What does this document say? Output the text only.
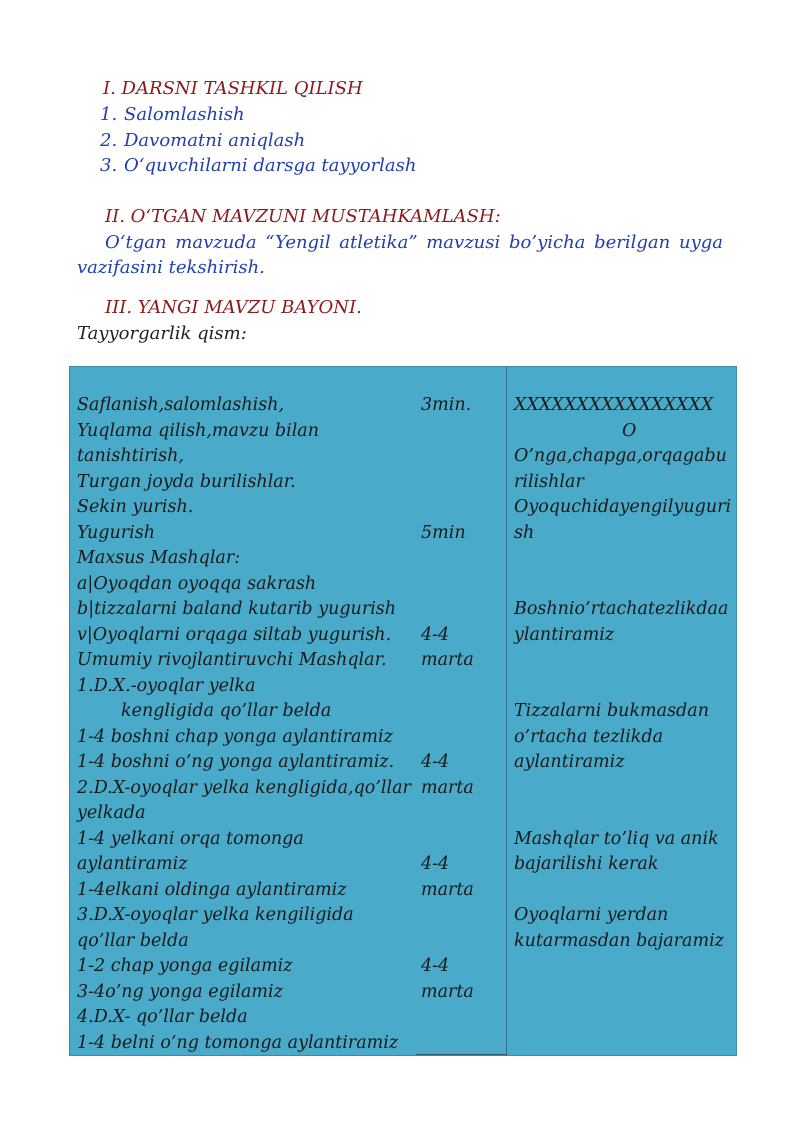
I. DARSNI TASHKIL QILISH
1. Salomlashish
2. Davomatni aniqlash
3. O‘quvchilarni darsga tayyorlash
II. O‘TGAN MAVZUNI MUSTAHKAMLASH:
O‘tgan mavzuda “Yengil atletika” mavzusi bo’yicha berilgan uyga
vazifasini tekshirish.
III. YANGI MAVZU BAYONI.
Tayyorgarlik qism:
Saflanish,salomlashish,
Yuqlama qilish,mavzu bilan
tanishtirish,
Turgan joyda burilishlar.
Sekin yurish.
Yugurish
Maxsus Mashqlar:
a|Oyoqdan oyoqqa sakrash
b|tizzalarni baland kutarib yugurish
v|Oyoqlarni orqaga siltab yugurish.
Umumiy rivojlantiruvchi Mashqlar.
1.D.X.-oyoqlar yelka
kengligida qo’llar belda
1-4 boshni chap yonga aylantiramiz
1-4 boshni o’ng yonga aylantiramiz.
2.D.X-oyoqlar yelka kengligida,qo’llar
yelkada
1-4 yelkani orqa tomonga
aylantiramiz
1-4elkani oldinga aylantiramiz
3.D.X-oyoqlar yelka kengiligida
qo’llar belda
1-2 chap yonga egilamiz
3-4o’ng yonga egilamiz
4.D.X- qo’llar belda
1-4 belni o’ng tomonga aylantiramiz
3min.
5min
4-4
marta
4-4
marta
4-4
marta
4-4
marta
XXXXXXXXXXXXXXXX
O
O’nga,chapga,orqagabu
rilishlar
Oyoquchidayengilyuguri
sh
Boshnio’rtachatezlikdaa
ylantiramiz
Tizzalarni bukmasdan
o’rtacha tezlikda
aylantiramiz
Mashqlar to’liq va anik
bajarilishi kerak
Oyoqlarni yerdan
kutarmasdan bajaramiz
